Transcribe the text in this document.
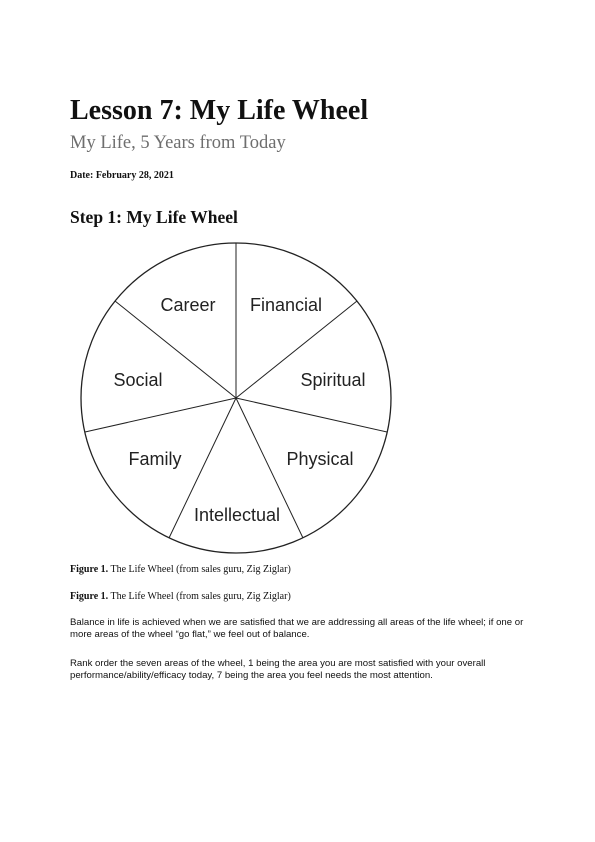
Lesson 7: My Life Wheel

My Life, 5 Years from Today

Date: February 28, 2021
Step 1: My Life Wheel
Career Financial
Spiritual
Physical
Intellectual
Family
Social
Figure 1. The Life Wheel (from sales guru, Zig Ziglar)
Figure 1. The Life Wheel (from sales guru, Zig Ziglar)

Balance in life is achieved when we are satisfied that we are addressing all areas of the life wheel; if one or more areas of the wheel “go flat,” we feel out of balance.

Rank order the seven areas of the wheel, 1 being the area you are most satisfied with your overall performance/ability/efficacy today, 7 being the area you feel needs the most attention.
